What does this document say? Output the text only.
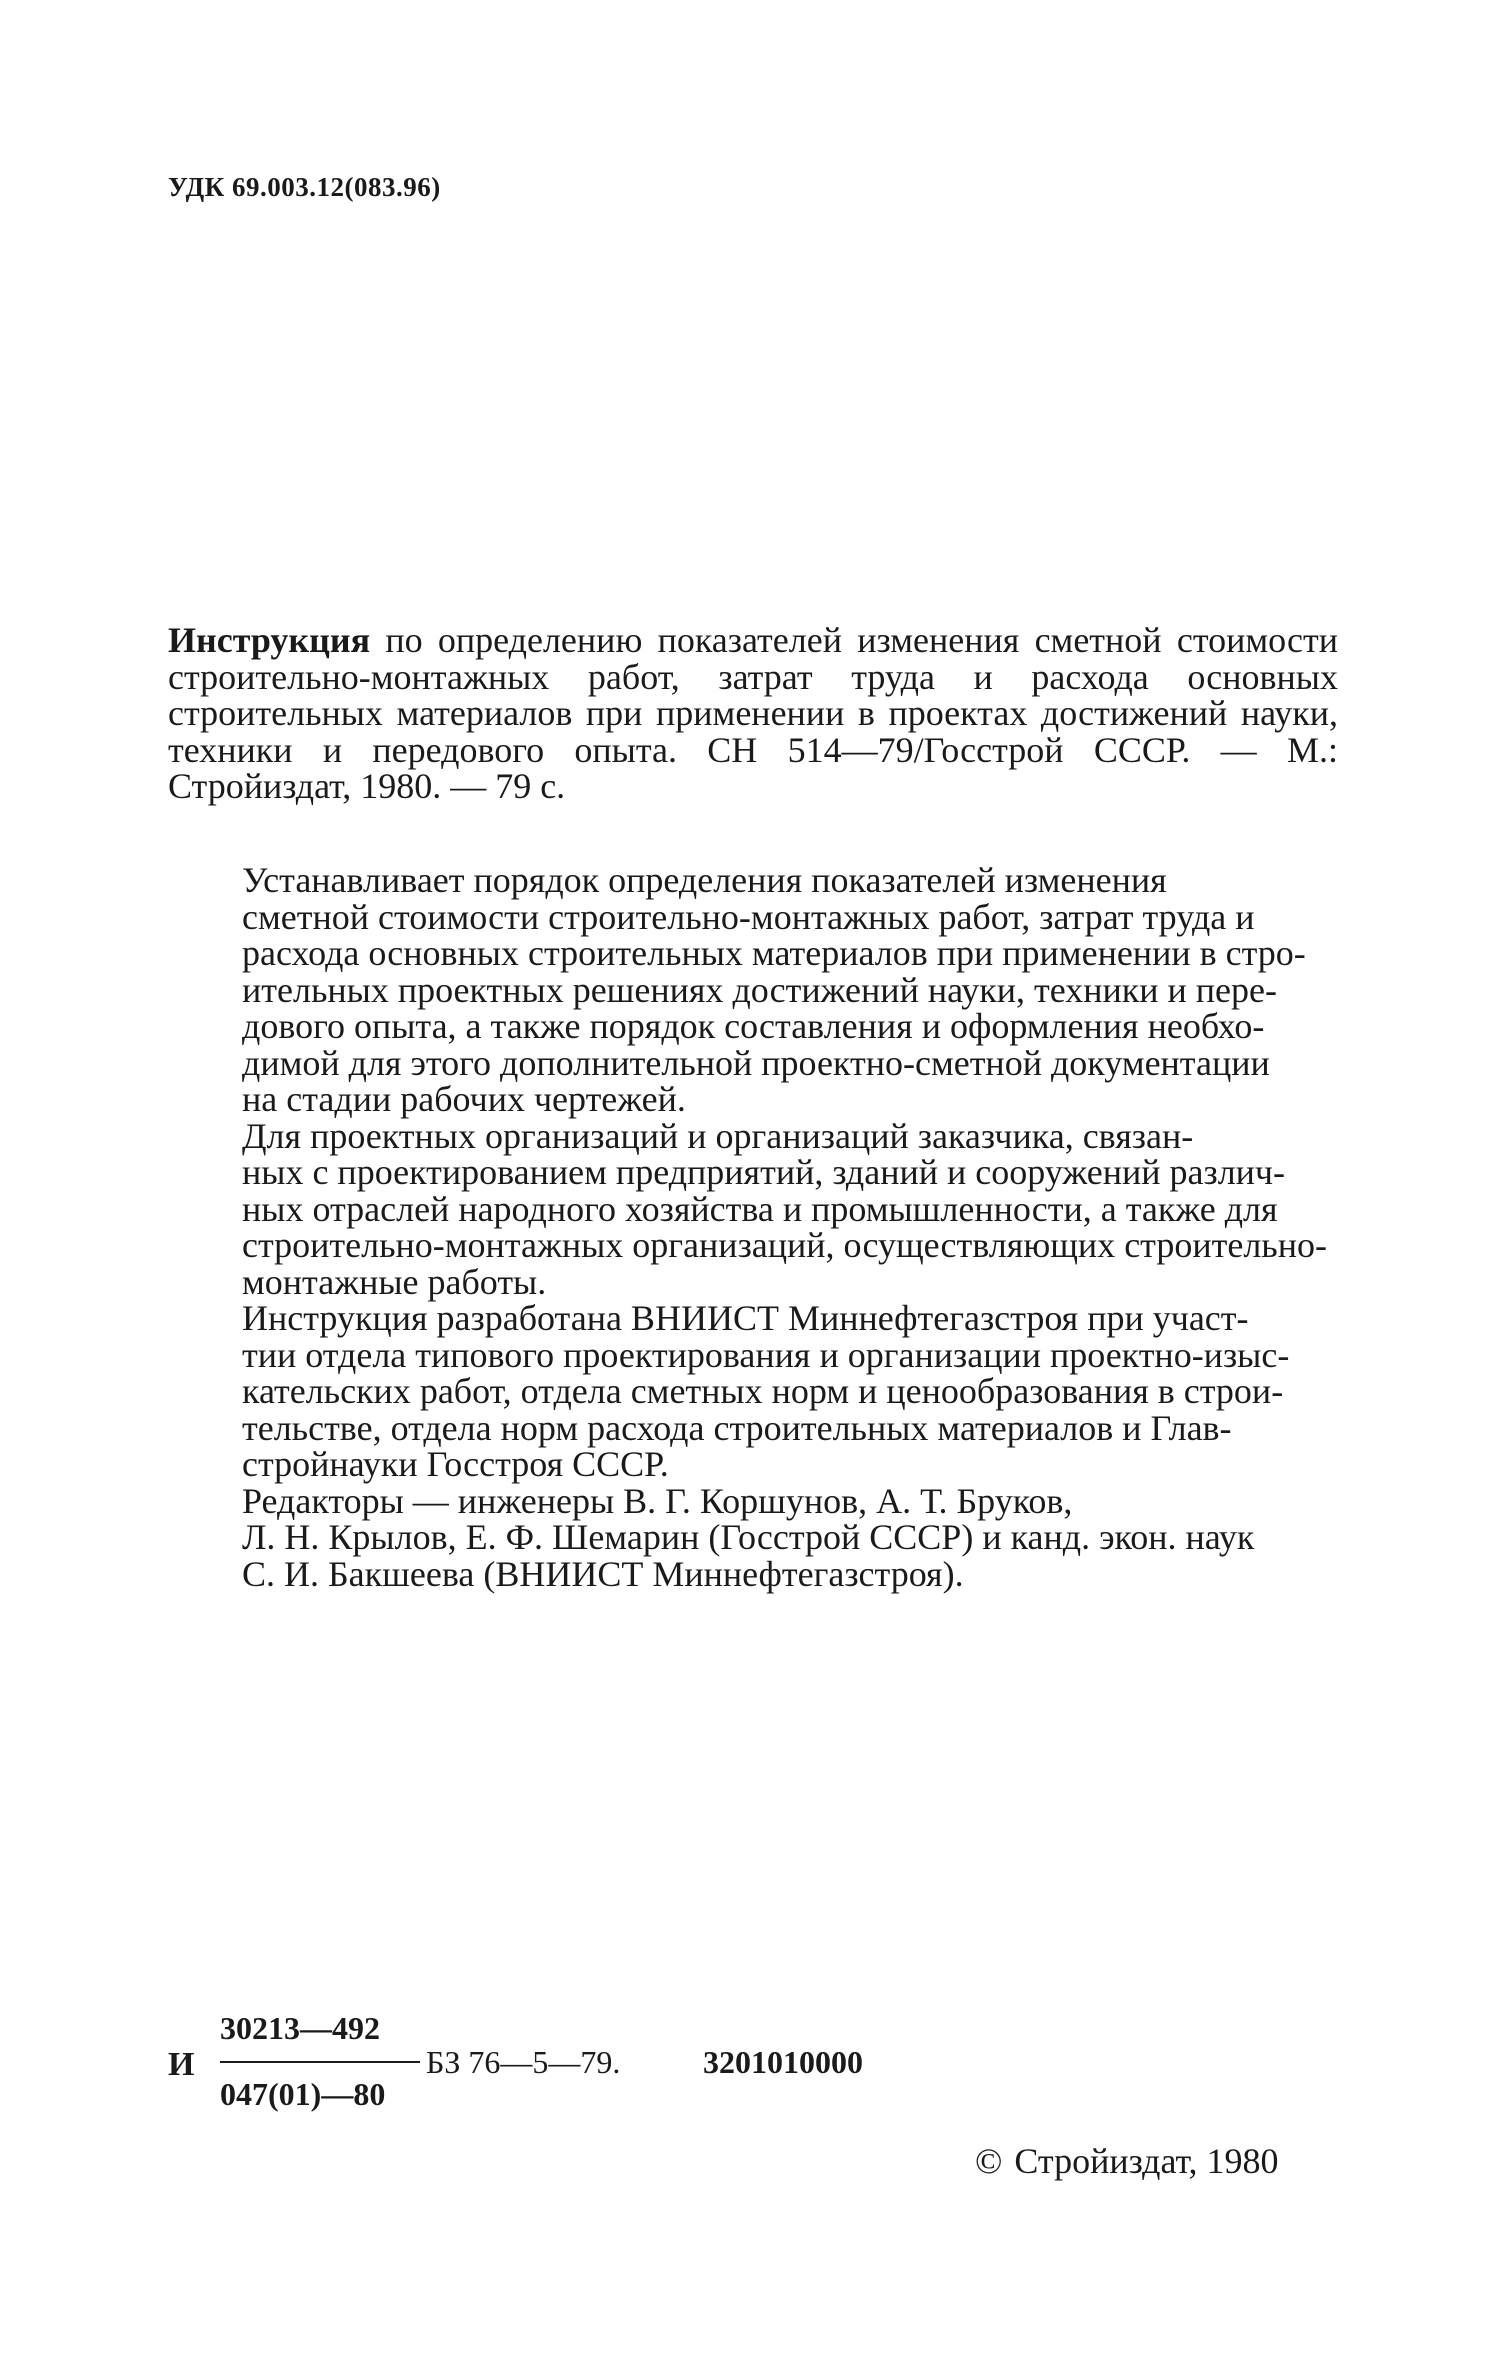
УДК 69.003.12(083.96)
Инструкция по определению показателей изменения сметной стоимости строительно-монтажных работ, затрат труда и расхода основных строительных материалов при применении в проектах достижений науки, техники и передового опыта. СН 514—79/Госстрой СССР. — М.: Стройиздат, 1980. — 79 с.

Устанавливает порядок определения показателей изменения
сметной стоимости строительно-монтажных работ, затрат труда и
расхода основных строительных материалов при применении в стро-
ительных проектных решениях достижений науки, техники и пере-
дового опыта, а также порядок составления и оформления необхо-
димой для этого дополнительной проектно-сметной документации
на стадии рабочих чертежей.

Для проектных организаций и организаций заказчика, связан-
ных с проектированием предприятий, зданий и сооружений различ-
ных отраслей народного хозяйства и промышленности, а также для
строительно-монтажных организаций, осуществляющих строительно-
монтажные работы.

Инструкция разработана ВНИИСТ Миннефтегазстроя при участ-
тии отдела типового проектирования и организации проектно-изыс-
кательских работ, отдела сметных норм и ценообразования в строи-
тельстве, отдела норм расхода строительных материалов и Глав-
стройнауки Госстроя СССР.

Редакторы — инженеры В. Г. Коршунов, А. Т. Бруков,
Л. Н. Крылов, Е. Ф. Шемарин (Госстрой СССР) и канд. экон. наук
С. И. Бакшеева (ВНИИСТ Миннефтегазстроя).

И
30213—492
047(01)—80
БЗ 76—5—79.	3201010000
© Стройиздат, 1980
